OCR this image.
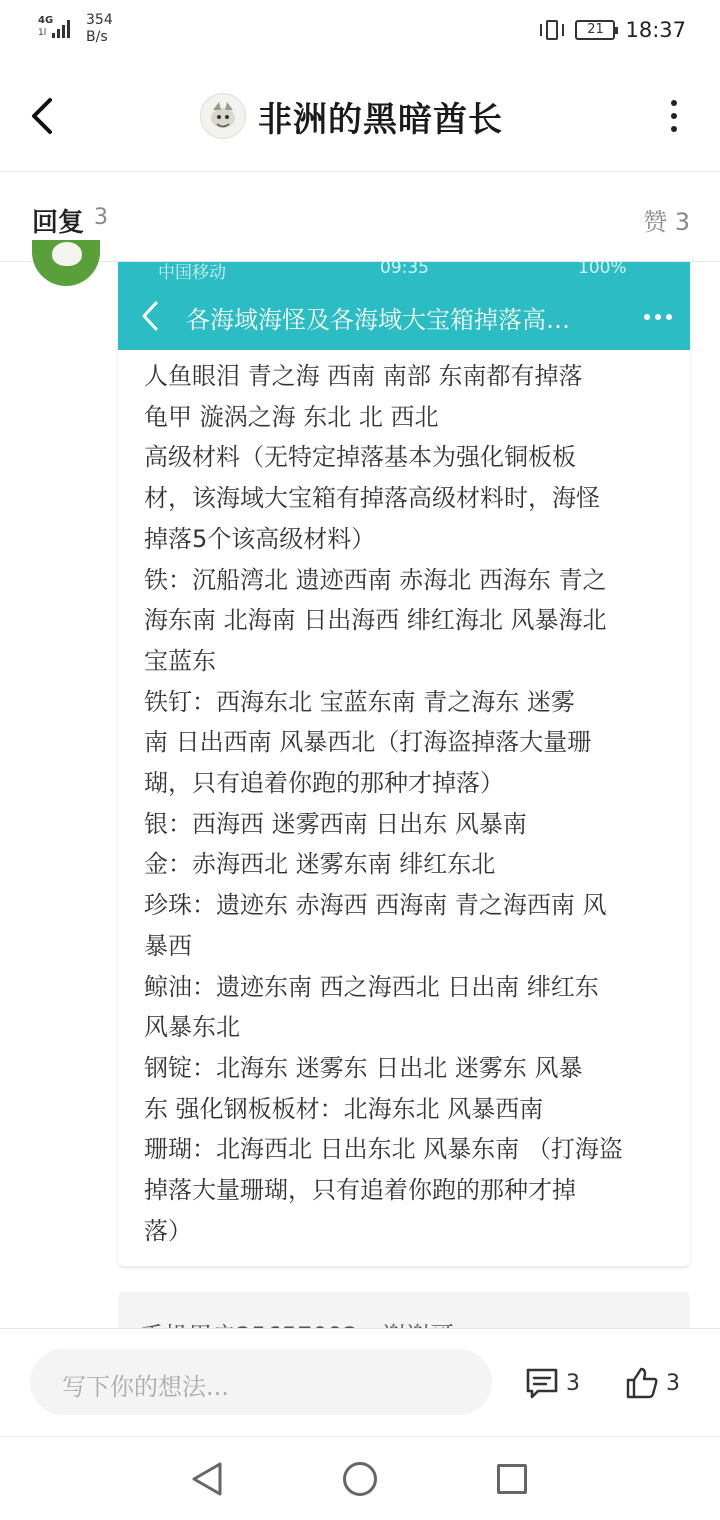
4G
1l
354
B/s	21	18:37
非洲的黑暗酋长
回复 3	赞 3
中国移动	09:35	100%
各海域海怪及各海域大宝箱掉落高…
人鱼眼泪 青之海 西南 南部 东南都有掉落
龟甲 漩涡之海 东北 北 西北
高级材料（无特定掉落基本为强化铜板板
材，该海域大宝箱有掉落高级材料时，海怪
掉落5个该高级材料）
铁：沉船湾北 遗迹西南 赤海北 西海东 青之
海东南 北海南 日出海西 绯红海北 风暴海北
宝蓝东
铁钉：西海东北 宝蓝东南 青之海东 迷雾
南 日出西南 风暴西北（打海盗掉落大量珊
瑚，只有追着你跑的那种才掉落）
银：西海西 迷雾西南 日出东 风暴南
金：赤海西北 迷雾东南 绯红东北
珍珠：遗迹东 赤海西 西海南 青之海西南 风
暴西
鲸油：遗迹东南 西之海西北 日出南 绯红东
风暴东北
钢锭：北海东 迷雾东 日出北 迷雾东 风暴
东 强化钢板板材：北海东北 风暴西南
珊瑚：北海西北 日出东北 风暴东南 （打海盗
掉落大量珊瑚，只有追着你跑的那种才掉
落）
写下你的想法...	3	3
